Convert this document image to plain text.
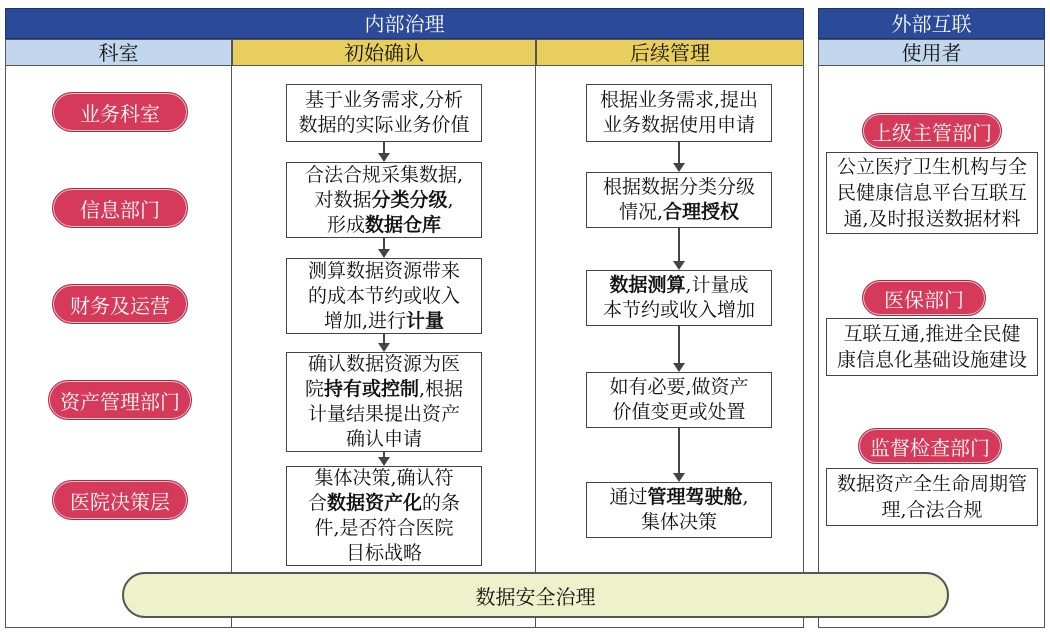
内部治理	外部互联
科室	初始确认	后续管理	使用者
业务科室
信息部门
财务及运营
资产管理部门
医院决策层
基于业务需求,分析
数据的实际业务价值
合法合规采集数据,
对数据分类分级,
形成数据仓库
测算数据资源带来
的成本节约或收入
增加,进行计量
确认数据资源为医
院持有或控制,根据
计量结果提出资产
确认申请
集体决策,确认符
合数据资产化的条
件,是否符合医院
目标战略
根据业务需求,提出
业务数据使用申请
根据数据分类分级
情况,合理授权
数据测算,计量成
本节约或收入增加
如有必要,做资产
价值变更或处置
通过管理驾驶舱,
集体决策
上级主管部门
公立医疗卫生机构与全民健康信息平台互联互通,及时报送数据材料
医保部门
互联互通,推进全民健康信息化基础设施建设
监督检查部门
数据资产全生命周期管理,合法合规
数据安全治理
